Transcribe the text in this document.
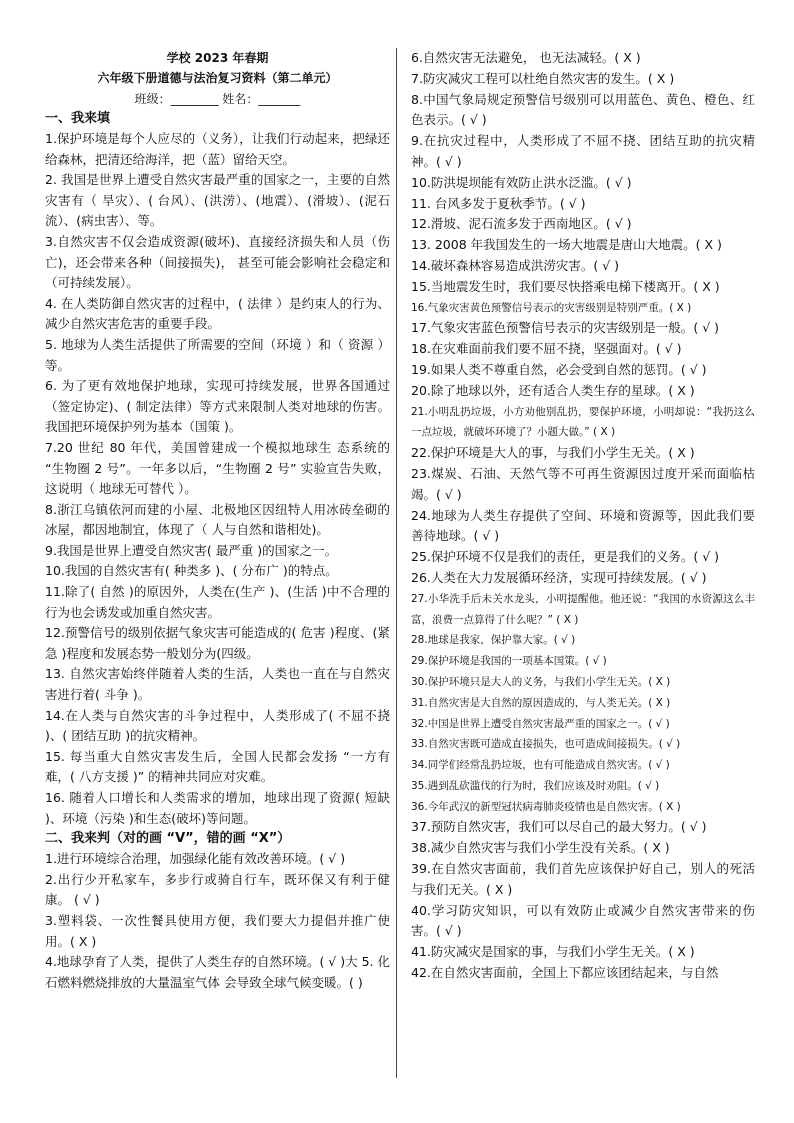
学校 2023 年春期
六年级下册道德与法治复习资料（第二单元）
班级：________ 姓名：_______
一、我来填
1.保护环境是每个人应尽的（义务），让我们行动起来，把绿还给森林，把清还给海洋，把（蓝）留给天空。
2. 我国是世界上遭受自然灾害最严重的国家之一，主要的自然灾害有（ 旱灾）、( 台风）、(洪涝）、(地震）、(滑坡）、(泥石流）、(病虫害）、等。
3.自然灾害不仅会造成资源(破坏)、直接经济损失和人员（伤亡)，还会带来各种（间接损失)， 甚至可能会影响社会稳定和（可持续发展）。
4. 在人类防御自然灾害的过程中，( 法律 ）是约束人的行为、 减少自然灾害危害的重要手段。
5. 地球为人类生活提供了所需要的空间（环境 ）和（ 资源 ）等。
6. 为了更有效地保护地球，实现可持续发展，世界各国通过（签定协定)、( 制定法律）等方式来限制人类对地球的伤害。我国把环境保护列为基本（国策 )。
7.20 世纪 80 年代，美国曾建成一个模拟地球生 态系统的 “生物圈 2 号”。一年多以后，“生物圈 2 号” 实验宣告失败，这说明（ 地球无可替代 ）。
8.浙江乌镇依河而建的小屋、北极地区因纽特人用冰砖垒砌的冰屋，都因地制宜，体现了（ 人与自然和谐相处)。
9.我国是世界上遭受自然灾害( 最严重 )的国家之一。
10.我国的自然灾害有( 种类多 )、( 分布广 )的特点。
11.除了( 自然 )的原因外，人类在(生产 )、(生活 )中不合理的行为也会诱发或加重自然灾害。
12.预警信号的级别依据气象灾害可能造成的( 危害 )程度、(紧急 )程度和发展态势一般划分为(四级。
13. 自然灾害始终伴随着人类的生活，人类也一直在与自然灾害进行着( 斗争 )。
14.在人类与自然灾害的斗争过程中，人类形成了( 不屈不挠 )、( 团结互助 )的抗灾精神。
15. 每当重大自然灾害发生后，全国人民都会发扬 “一方有难，( 八方支援 )” 的精神共同应对灾难。
16. 随着人口增长和人类需求的增加，地球出现了资源( 短缺 )、环境（污染 )和生态(破坏)等问题。
二、我来判（对的画 “V”，错的画 “X”）
1.进行环境综合治理，加强绿化能有效改善环境。( √ )
2.出行少开私家车，多步行或骑自行车，既环保又有利于健康。 ( √ )
3.塑料袋、一次性餐具使用方便，我们要大力提倡并推广使用。( X )
4.地球孕育了人类，提供了人类生存的自然环境。( √ )大 5. 化石燃料燃烧排放的大量温室气体 会导致全球气候变暖。( )
6.自然灾害无法避免， 也无法减轻。( X )
7.防灾减灾工程可以杜绝自然灾害的发生。( X )
8.中国气象局规定预警信号级别可以用蓝色、黄色、橙色、红色表示。( √ )
9.在抗灾过程中，人类形成了不屈不挠、团结互助的抗灾精神。( √ )
10.防洪堤坝能有效防止洪水泛滥。( √ )
11. 台风多发于夏秋季节。( √ )
12.滑坡、泥石流多发于西南地区。( √ )
13. 2008 年我国发生的一场大地震是唐山大地震。( X )
14.破坏森林容易造成洪涝灾害。( √ )
15.当地震发生时，我们要尽快搭乘电梯下楼离开。( X )
16.气象灾害黄色预警信号表示的灾害级别是特别严重。( X )
17.气象灾害蓝色预警信号表示的灾害级别是一般。( √ )
18.在灾难面前我们要不屈不挠，坚强面对。( √ )
19.如果人类不尊重自然，必会受到自然的惩罚。( √ )
20.除了地球以外，还有适合人类生存的星球。( X )
21.小明乱扔垃圾，小方劝他别乱扔，要保护环境，小明却说：“我扔这么一点垃圾，就破坏环境了？小题大做。” ( X )
22.保护环境是大人的事，与我们小学生无关。( X )
23.煤炭、石油、天然气等不可再生资源因过度开采而面临枯竭。( √ )
24.地球为人类生存提供了空间、环境和资源等，因此我们要善待地球。( √ )
25.保护环境不仅是我们的责任，更是我们的义务。( √ )
26.人类在大力发展循环经济，实现可持续发展。( √ )
27.小华洗手后未关水龙头，小明提醒他。他还说：“我国的水资源这么丰富，浪费一点算得了什么呢？” ( X )
28.地球是我家，保护靠大家。( √ )
29.保护环境是我国的一项基本国策。( √ )
30.保护环境只是大人的义务，与我们小学生无关。( X )
31.自然灾害是大自然的原因造成的，与人类无关。( X )
32.中国是世界上遭受自然灾害最严重的国家之一。( √ )
33.自然灾害既可造成直接损失，也可造成间接损失。( √ )
34.同学们经常乱扔垃圾，也有可能造成自然灾害。( √ )
35.遇到乱砍滥伐的行为时，我们应该及时劝阻。( √ )
36.今年武汉的新型冠状病毒肺炎疫情也是自然灾害。( X )
37.预防自然灾害，我们可以尽自己的最大努力。( √ )
38.减少自然灾害与我们小学生没有关系。( X )
39.在自然灾害面前，我们首先应该保护好自己，别人的死活与我们无关。( X )
40.学习防灾知识，可以有效防止或减少自然灾害带来的伤害。( √ )
41.防灾减灾是国家的事，与我们小学生无关。( X )
42.在自然灾害面前，全国上下都应该团结起来，与自然
